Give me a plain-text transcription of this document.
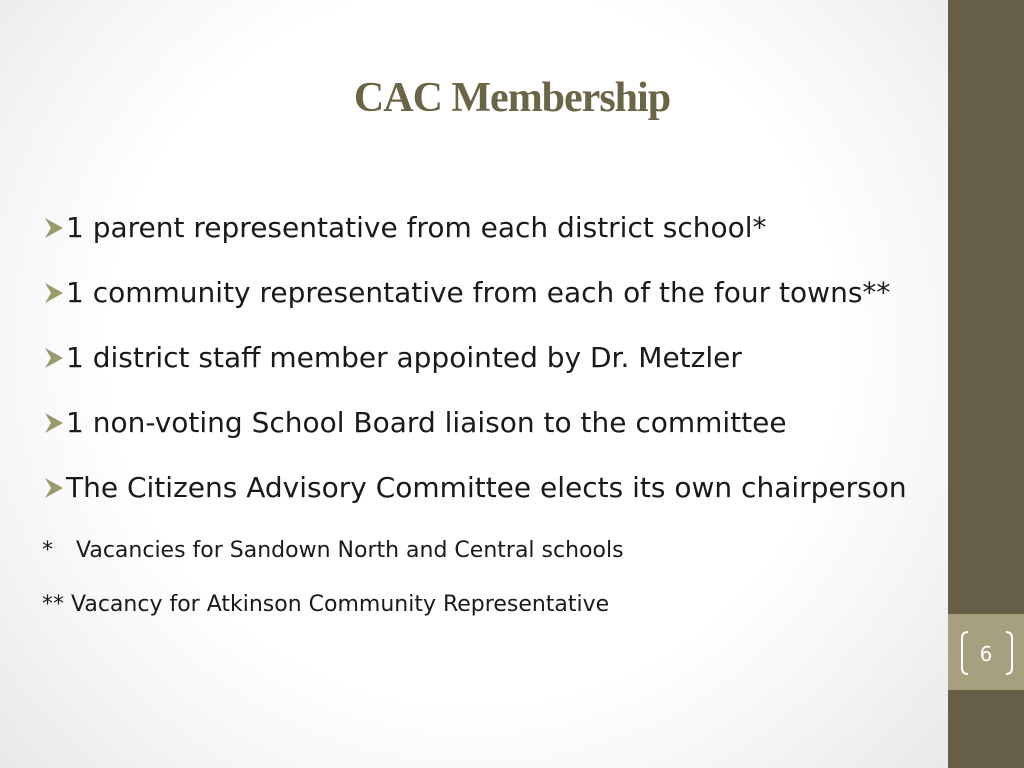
6
CAC Membership
1 parent representative from each district school*
1 community representative from each of the four towns**
1 district staff member appointed by Dr. Metzler
1 non-voting School Board liaison to the committee
The Citizens Advisory Committee elects its own chairperson
* Vacancies for Sandown North and Central schools
** Vacancy for Atkinson Community Representative
